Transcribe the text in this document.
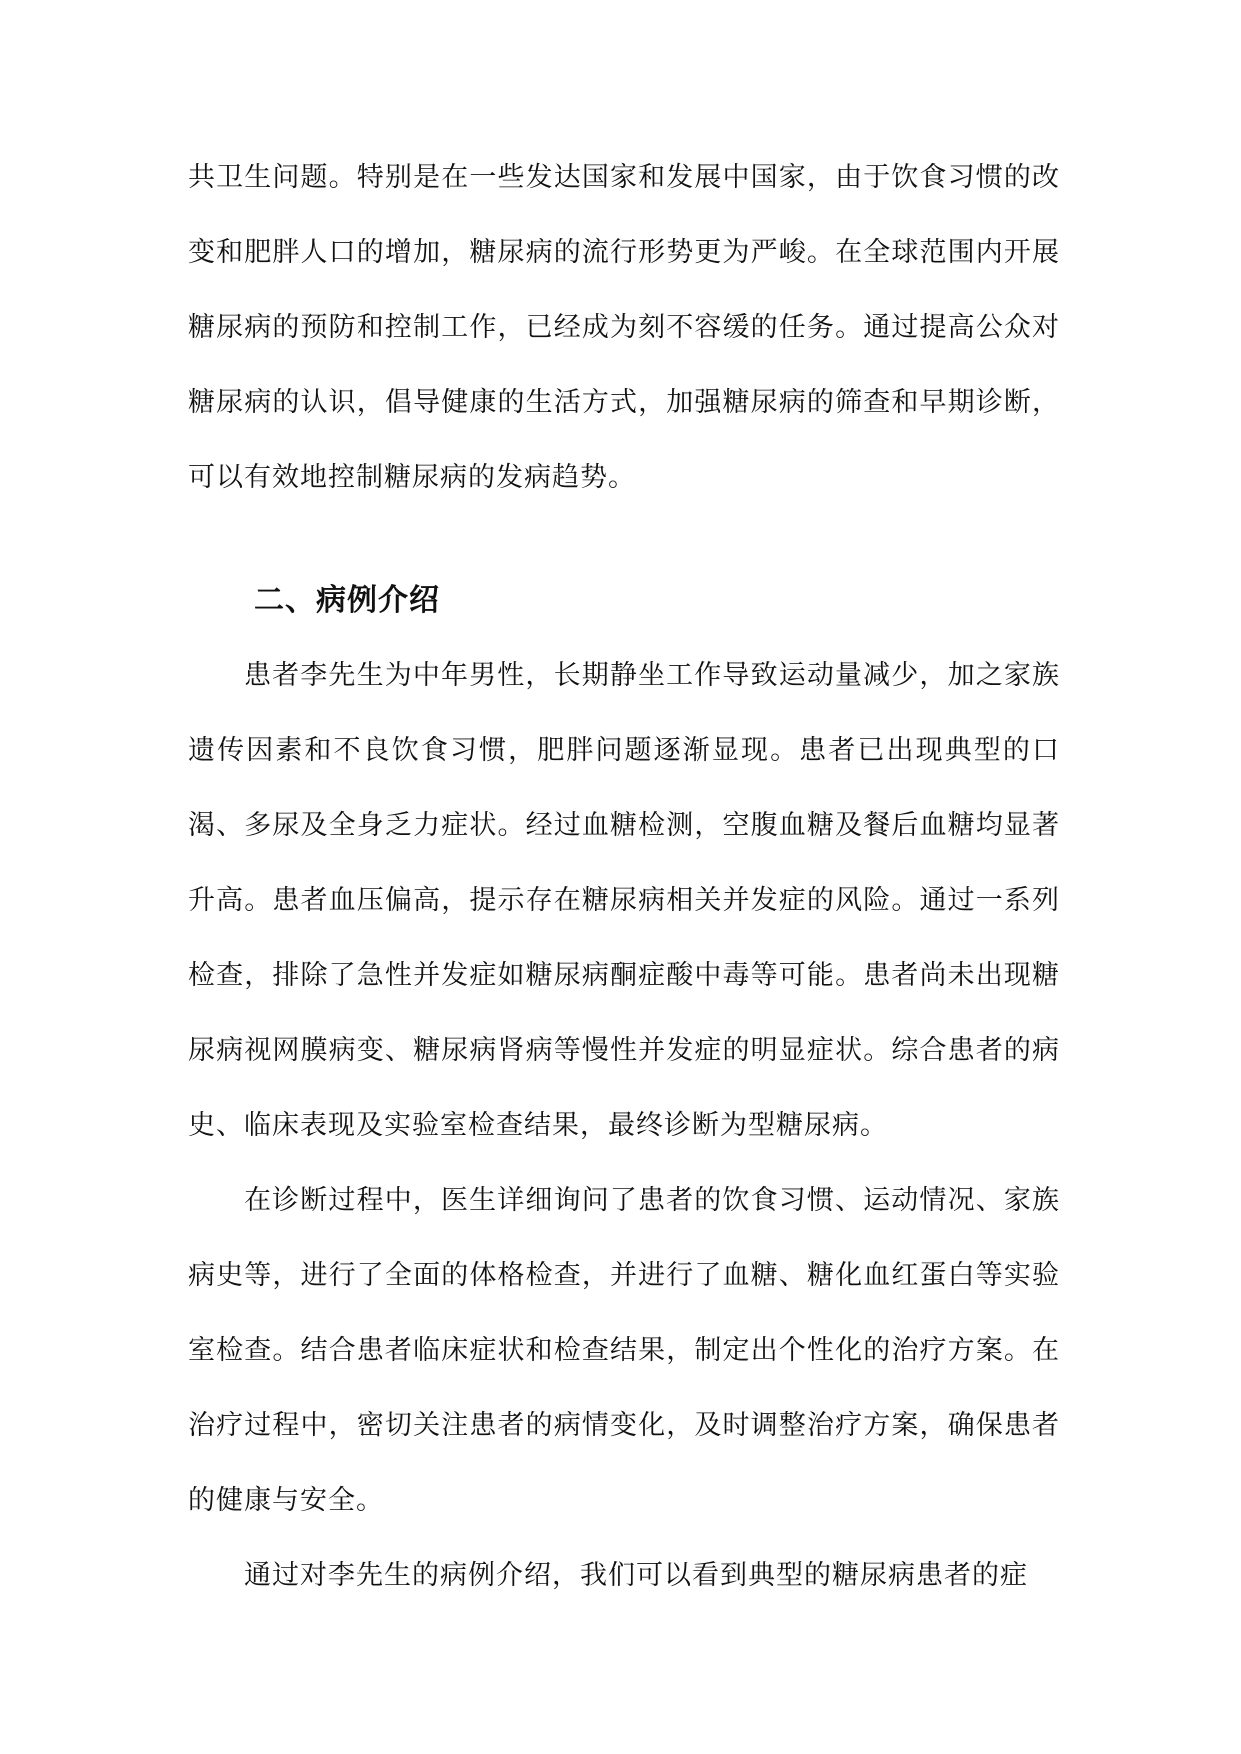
共卫生问题。特别是在一些发达国家和发展中国家，由于饮食习惯的改变和肥胖人口的增加，糖尿病的流行形势更为严峻。在全球范围内开展糖尿病的预防和控制工作，已经成为刻不容缓的任务。通过提高公众对糖尿病的认识，倡导健康的生活方式，加强糖尿病的筛查和早期诊断，可以有效地控制糖尿病的发病趋势。

二、病例介绍

患者李先生为中年男性，长期静坐工作导致运动量减少，加之家族遗传因素和不良饮食习惯，肥胖问题逐渐显现。患者已出现典型的口渴、多尿及全身乏力症状。经过血糖检测，空腹血糖及餐后血糖均显著升高。患者血压偏高，提示存在糖尿病相关并发症的风险。通过一系列检查，排除了急性并发症如糖尿病酮症酸中毒等可能。患者尚未出现糖尿病视网膜病变、糖尿病肾病等慢性并发症的明显症状。综合患者的病史、临床表现及实验室检查结果，最终诊断为型糖尿病。

在诊断过程中，医生详细询问了患者的饮食习惯、运动情况、家族病史等，进行了全面的体格检查，并进行了血糖、糖化血红蛋白等实验室检查。结合患者临床症状和检查结果，制定出个性化的治疗方案。在治疗过程中，密切关注患者的病情变化，及时调整治疗方案，确保患者的健康与安全。

通过对李先生的病例介绍，我们可以看到典型的糖尿病患者的症
